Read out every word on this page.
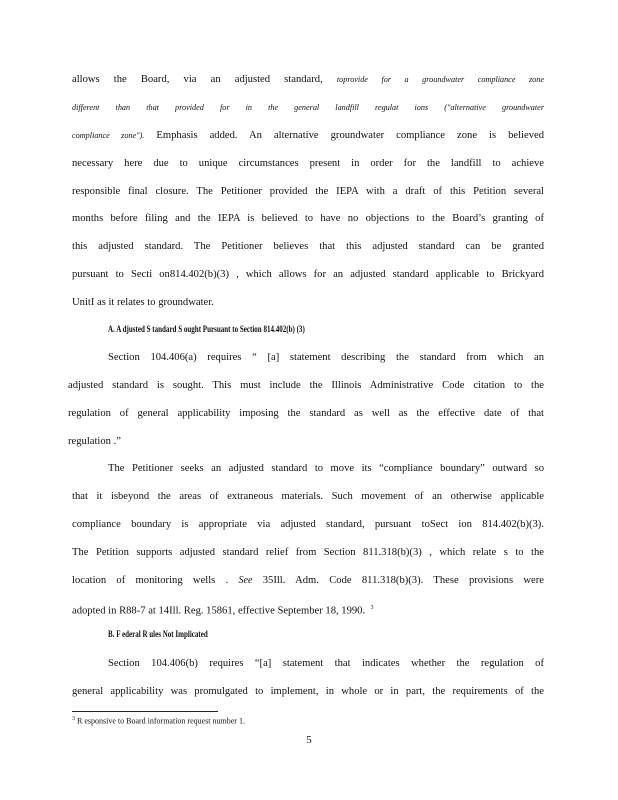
allows the Board, via an adjusted standard, toprovide for a groundwater compliance zone
different than that provided for in the general landfill regulat ions ("alternative groundwater
compliance zone"). Emphasis added. An alternative groundwater compliance zone is believed
necessary here due to unique circumstances present in order for the landfill to achieve
responsible final closure. The Petitioner provided the IEPA with a draft of this Petition several
months before filing and the IEPA is believed to have no objections to the Board’s granting of
this adjusted standard. The Petitioner believes that this adjusted standard can be granted
pursuant to Secti on814.402(b)(3) , which allows for an adjusted standard applicable to Brickyard
UnitI as it relates to groundwater.
A. A djusted S tandard S ought Pursuant to Section 814.402(b) (3)
Section 104.406(a) requires “ [a] statement describing the standard from which an
adjusted standard is sought. This must include the Illinois Administrative Code citation to the
regulation of general applicability imposing the standard as well as the effective date of that
regulation .”
The Petitioner seeks an adjusted standard to move its “compliance boundary” outward so
that it isbeyond the areas of extraneous materials. Such movement of an otherwise applicable
compliance boundary is appropriate via adjusted standard, pursuant toSect ion 814.402(b)(3).
The Petition supports adjusted standard relief from Section 811.318(b)(3) , which relate s to the
location of monitoring wells . See 35Ill. Adm. Code 811.318(b)(3). These provisions were
adopted in R88-7 at 14Ill. Reg. 15861, effective September 18, 1990. $^3$
B. F ederal R ules Not Implicated
Section 104.406(b) requires “[a] statement that indicates whether the regulation of
general applicability was promulgated to implement, in whole or in part, the requirements of the
$^3$ R esponsive to Board information request number 1.
5
